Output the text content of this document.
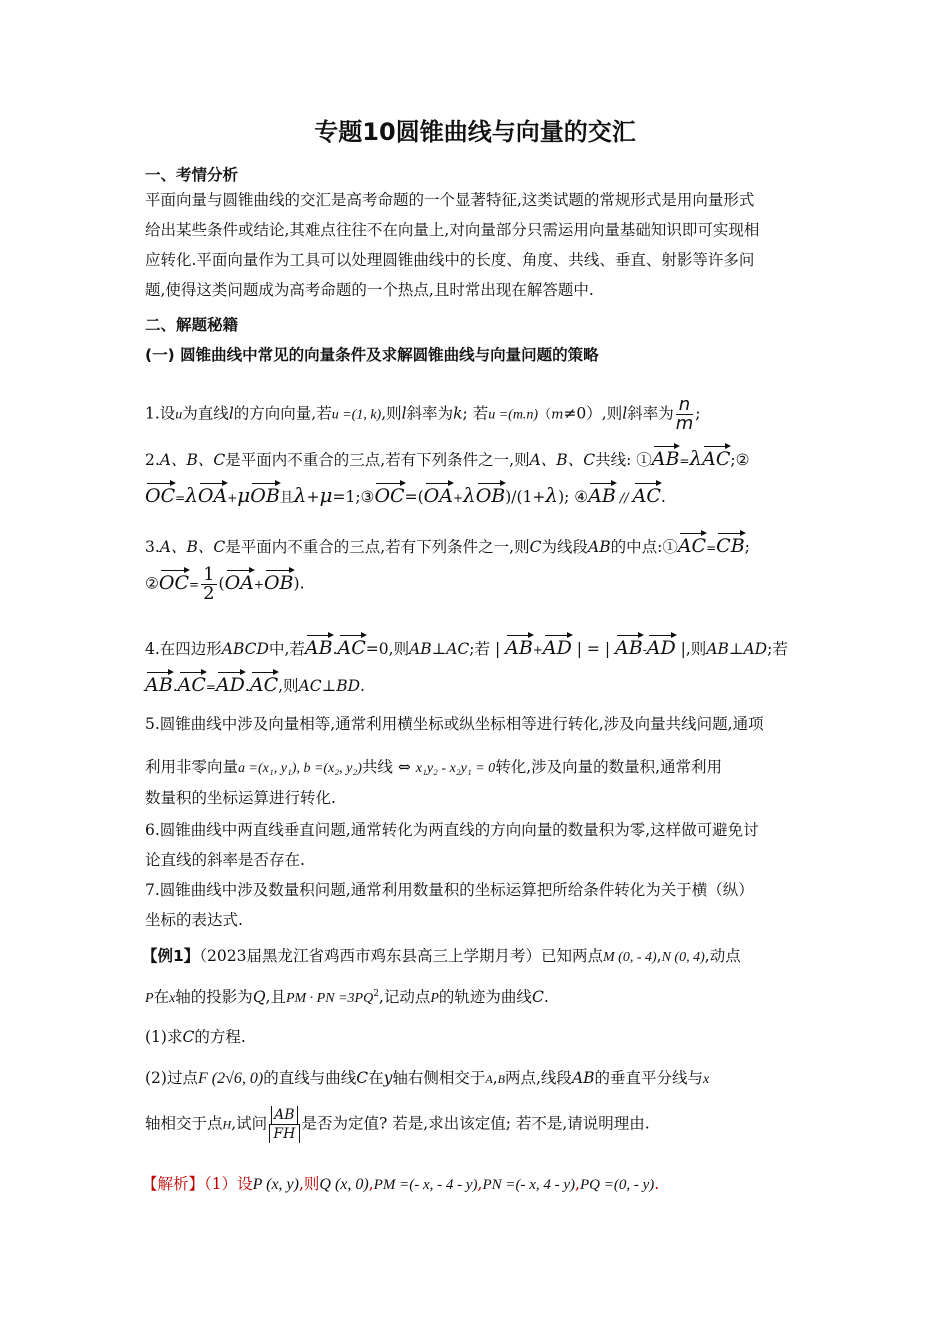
专题10圆锥曲线与向量的交汇
一、考情分析
平面向量与圆锥曲线的交汇是高考命题的一个显著特征,这类试题的常规形式是用向量形式
给出某些条件或结论,其难点往往不在向量上,对向量部分只需运用向量基础知识即可实现相
应转化.平面向量作为工具可以处理圆锥曲线中的长度、角度、共线、垂直、射影等许多问
题,使得这类问题成为高考命题的一个热点,且时常出现在解答题中.
二、解题秘籍
(一) 圆锥曲线中常见的向量条件及求解圆锥曲线与向量问题的策略
1.设u为直线l的方向向量,若u =(1, k),则l斜率为k; 若u =(m.n)（m≠0）,则l斜率为 $\frac{n}{m}$ ;
2.A、B、C是平面内不重合的三点,若有下列条件之一,则A、B、C共线: ①AB=λAC;②
OC=λOA+μOB且λ+μ=1;③OC=(OA+λOB)/(1+λ); ④AB // AC.
3.A、B、C是平面内不重合的三点,若有下列条件之一,则C为线段AB的中点:①AC=CB;
②OC= $\frac{1}{2} (OA+OB)$.
4.在四边形ABCD中,若AB.AC=0,则AB⊥AC;若 | AB+AD | = | AB-AD |,则AB⊥AD;若
AB.AC=AD.AC,则AC⊥BD.
5.圆锥曲线中涉及向量相等,通常利用横坐标或纵坐标相等进行转化,涉及向量共线问题,通项
利用非零向量a =(x₁, y₁), b =(x₂, y₂)共线 ⇔ x₁y₂ - x₂y₁ = 0转化,涉及向量的数量积,通常利用
数量积的坐标运算进行转化.
6.圆锥曲线中两直线垂直问题,通常转化为两直线的方向向量的数量积为零,这样做可避免讨
论直线的斜率是否存在.
7.圆锥曲线中涉及数量积问题,通常利用数量积的坐标运算把所给条件转化为关于横（纵）
坐标的表达式.
【例1】（2023届黑龙江省鸡西市鸡东县高三上学期月考）已知两点M (0, - 4),N (0, 4),动点
P在x轴的投影为Q,且PM · PN $=3PQ^2$,记动点P的轨迹为曲线C.
(1)求C的方程.
(2)过点F (2√6, 0)的直线与曲线C在y轴右侧相交于A,B两点,线段AB的垂直平分线与x
轴相交于点H,试问 $\frac{AB}{FH}$ 是否为定值? 若是,求出该定值; 若不是,请说明理由.
【解析】（1）设P (x, y),则Q (x, 0),PM =(- x, - 4 - y),PN =(- x, 4 - y),PQ =(0, - y).
